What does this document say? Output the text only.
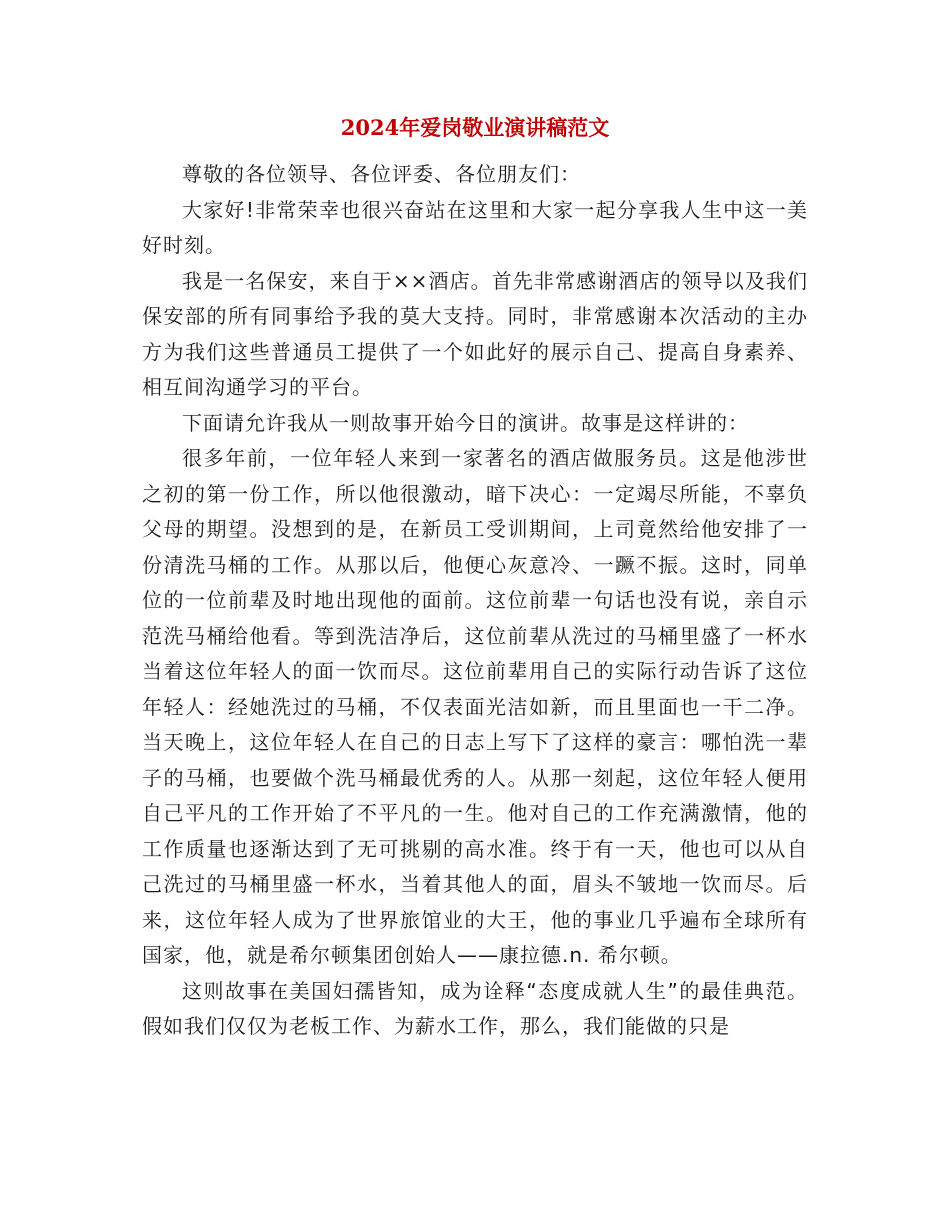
2024年爱岗敬业演讲稿范文

尊敬的各位领导、各位评委、各位朋友们：

大家好!非常荣幸也很兴奋站在这里和大家一起分享我人生中这一美好时刻。

我是一名保安，来自于××酒店。首先非常感谢酒店的领导以及我们保安部的所有同事给予我的莫大支持。同时，非常感谢本次活动的主办方为我们这些普通员工提供了一个如此好的展示自己、提高自身素养、相互间沟通学习的平台。

下面请允许我从一则故事开始今日的演讲。故事是这样讲的：

很多年前，一位年轻人来到一家著名的酒店做服务员。这是他涉世之初的第一份工作，所以他很激动，暗下决心：一定竭尽所能，不辜负父母的期望。没想到的是，在新员工受训期间，上司竟然给他安排了一份清洗马桶的工作。从那以后，他便心灰意冷、一蹶不振。这时，同单位的一位前辈及时地出现他的面前。这位前辈一句话也没有说，亲自示范洗马桶给他看。等到洗洁净后，这位前辈从洗过的马桶里盛了一杯水当着这位年轻人的面一饮而尽。这位前辈用自己的实际行动告诉了这位年轻人：经她洗过的马桶，不仅表面光洁如新，而且里面也一干二净。当天晚上，这位年轻人在自己的日志上写下了这样的豪言：哪怕洗一辈子的马桶，也要做个洗马桶最优秀的人。从那一刻起，这位年轻人便用自己平凡的工作开始了不平凡的一生。他对自己的工作充满激情，他的工作质量也逐渐达到了无可挑剔的高水准。终于有一天，他也可以从自己洗过的马桶里盛一杯水，当着其他人的面，眉头不皱地一饮而尽。后来，这位年轻人成为了世界旅馆业的大王，他的事业几乎遍布全球所有国家，他，就是希尔顿集团创始人——康拉德.n. 希尔顿。

这则故事在美国妇孺皆知，成为诠释“态度成就人生”的最佳典范。假如我们仅仅为老板工作、为薪水工作，那么，我们能做的只是
